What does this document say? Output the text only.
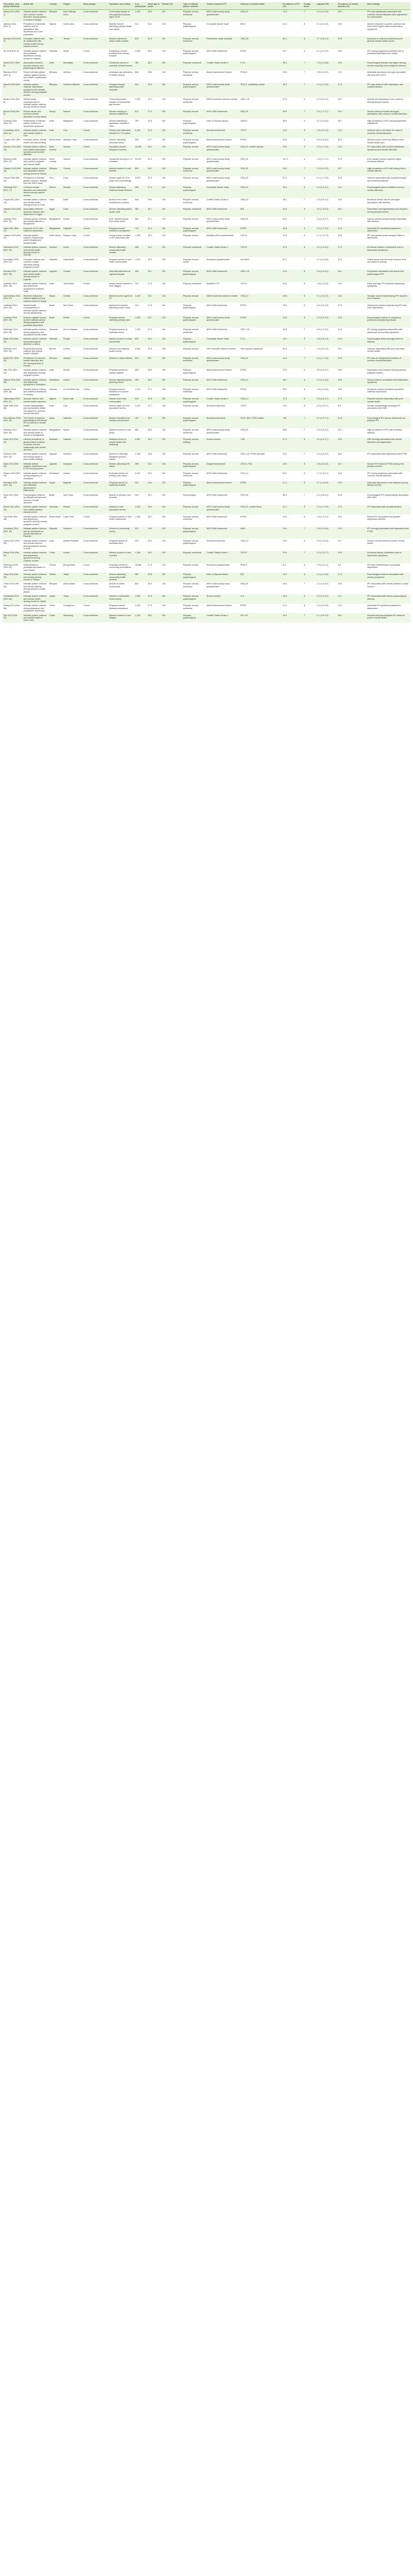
First author, year (study reference)	Article title	Country	Region	Study design	Population and setting	N of participants	Mean age in years	Female (%)	Type of intimate partner violence	Tools to measure IPV	Measure of mental health	Prevalence of IPV (%)	Quality score	Adjusted OR	Prevalence of mental disorder (%)	Main findings
Abeya 2012 (Ref. 1)	Intimate partner violence and common mental disorders among women in western Ethiopia	Ethiopia	East Wollega Zone	Cross-sectional	Community sample of ever-partnered women aged 15-49	1,094	28.6	100	Physical, sexual, emotional	WHO multi-country study questionnaire	SRQ-20	76.5	7	2.4 (1.6-3.5)	28.4	IPV was significantly associated with common mental disorders after adjustment for confounders.
Adeodu 2014 (Ref. 2)	Prevalence of domestic violence and its association with depression in a rural population	Nigeria	South-west	Cross-sectional	Married women attending primary health care clinics	412	31.2	100	Physical, psychological	Composite Abuse Scale	BDI-II	41.3	6	3.1 (2.0-4.8)	22.6	Women exposed to partner violence had three times higher odds of depressive symptoms.
Ahmadi 2015 (Ref. 3)	Domestic violence and its relationship with mental health among married women	Iran	Tehran	Cross-sectional	Women referred to urban health centres	520	32.5	100	Physical, sexual, emotional	Researcher-made checklist	GHQ-28	62.1	6	2.7 (1.8-4.1)	34.8	Exposure to violence predicted poorer general mental health scores.
Ali 2016 (Ref. 4)	Intimate partner violence and postnatal depression among women in Karachi	Pakistan	Sindh	Cohort	Postpartum women recruited from tertiary hospital	1,360	26.4	100	Physical, sexual, psychological	WHO VAW instrument	EPDS	44.7	8	2.1 (1.5-2.9)	28.9	IPV during pregnancy increased risk of postnatal depression at 6 weeks.
Anand 2017 (Ref. 5)	Association between spousal violence and psychological distress	India	Karnataka	Cross-sectional	Household survey of currently married women	780	30.1	100	Physical, emotional	Conflict Tactics Scale-2	K-10	36.4	7	1.9 (1.3-2.8)	19.5	Psychological distress was higher among women reporting recent physical violence.
Bacchus 2018 (Ref. 6)	Recent intimate partner violence against women and health: a systematic review	Ethiopia	Amhara	Cross-sectional	Antenatal care attendees in health centres	648	25.8	100	Physical, sexual, emotional	Abuse Assessment Screen	PHQ-9	32.6	7	2.8 (1.9-4.2)	24.1	Antenatal depression strongly associated with any form of IPV.
Bekele 2018 (Ref. 7)	Intimate partner violence, depressive symptoms and suicidal ideation among pregnant women	Ethiopia	Southern Nations	Cross-sectional	Pregnant women attending public hospitals	432	26.9	100	Physical, sexual, psychological	WHO multi-country study questionnaire	PHQ-9, suicidality module	35.2	7	3.4 (2.1-5.6)	21.3	IPV was linked to both depression and suicidal ideation.
Bhatta 2019 (Ref. 8)	Mental health consequences of intimate partner violence among women in Nepal	Nepal	Far-western	Cross-sectional	Community-based sample of reproductive-age women	1,020	29.4	100	Physical, sexual, emotional	NDHS domestic violence module	HSCL-25	27.8	6	2.2 (1.6-3.1)	18.7	Anxiety and depression more common among abused women.
Brown 2019 (Ref. 9)	Partner abuse and common mental disorders in urban slums	Kenya	Nairobi	Cross-sectional	Women residing in informal settlements	612	27.3	100	Physical, sexual	WHO VAW instrument	SRQ-20	39.5	7	2.5 (1.7-3.7)	26.4	Sexual violence showed strongest association with common mental disorders.
Chandra 2009 (Ref. 10)	Relationship of intimate partner violence to depressive symptoms	India	Bangalore	Cross-sectional	Women attending a psychiatric outpatient clinic	150	33.8	100	Physical, psychological	Index of Spouse Abuse	HAM-D	58.0	5	4.1 (2.0-8.4)	46.7	High prevalence of IPV among psychiatric outpatients.
Chowdhary 2010 (Ref. 11)	Intimate partner violence and mental health in Goa	India	Goa	Cohort	Primary care attendees followed for 12 months	2,494	31.5	100	Physical, sexual, emotional	Structured interview	CIS-R	20.3	8	1.8 (1.3-2.4)	14.2	Violence was a risk factor for onset of common mental disorders.
Cooper 2011 (Ref. 12)	Domestic abuse, mental health and help-seeking	South Africa	Western Cape	Cross-sectional	Women attending antenatal clinics	330	24.7	100	Physical, sexual, psychological	Abuse Assessment Screen	EPDS	34.8	6	2.6 (1.5-4.4)	32.4	Abused women were less likely to seek mental health care.
Devries 2013 (Ref. 13)	Intimate partner violence and incident depressive symptoms and suicide attempts	Multi-country	Various	Cohort	Population-based samples of women	16,259	30.0	100	Physical, sexual	WHO multi-country study questionnaire	SRQ-20, suicide attempt	24.0	9	2.0 (1.7-2.4)	18.2	IPV associated with incident depressive symptoms and suicide attempts.
Ellsberg 2008 (Ref. 14)	Intimate partner violence and women's physical and mental health	Multi-country	Various	Cross-sectional	Household surveys in 10 countries	24,097	31.2	100	Physical, sexual	WHO multi-country study questionnaire	SRQ-20	15-71	8	1.9 (1.7-2.1)	22.0	Ever-abused women reported higher emotional distress.
Fekadu 2018 (Ref. 15)	Intimate partner violence and associated factors among women in Jimma	Ethiopia	Oromia	Cross-sectional	Married women in rural kebeles	690	28.1	100	Physical, sexual, emotional	WHO multi-country study questionnaire	SRQ-20	59.0	7	2.3 (1.6-3.3)	25.7	High prevalence of IPV with strong link to mental distress.
Garcia 2006 (Ref. 16)	Prevalence of intimate partner violence: findings from the WHO study	Peru	Lima	Cross-sectional	Women aged 15-49 in urban and rural settings	3,020	31.9	100	Physical, sexual	WHO multi-country study questionnaire	SRQ-20	51.0	8	2.1 (1.7-2.6)	20.6	Violence associated with suicidal thoughts and emotional distress.
Gebrezgi 2017 (Ref. 17)	Common mental disorders and associated factors among married women	Eritrea	Asmara	Cross-sectional	Women attending maternal health services	408	27.6	100	Physical, psychological	Composite Abuse Scale	SRQ-20	30.4	6	2.4 (1.4-4.1)	19.1	Psychological abuse predicted common mental disorders.
Gupta 2012 (Ref. 18)	Intimate partner violence and mental health among women in Delhi	India	Delhi	Cross-sectional	Women from urban resettlement colonies	546	29.8	100	Physical, sexual, emotional	Conflict Tactics Scale-2	GHQ-12	45.2	7	2.9 (2.0-4.3)	30.5	Emotional abuse had the strongest association with distress.
Hassan 2014 (Ref. 19)	Association between domestic violence and depression in Egypt	Egypt	Cairo	Cross-sectional	Women attending family health units	380	30.7	100	Physical, emotional	WHO VAW instrument	BDI	53.4	6	3.2 (1.9-5.3)	38.2	Depression was significantly more frequent among abused women.
Hossain 2015 (Ref. 20)	Intimate partner violence and mental distress in Bangladesh	Bangladesh	Dhaka	Cross-sectional	Ever-married women from urban slums	960	27.1	100	Physical, sexual	WHO multi-country study questionnaire	SRQ-20	53.3	7	2.0 (1.5-2.7)	27.3	Sexual coercion independently associated with distress.
Islam 2017 (Ref. 21)	Exposure to IPV and maternal depression	Bangladesh	Rajshahi	Cohort	Pregnant women followed to postpartum	720	24.3	100	Physical, sexual, psychological	WHO VAW instrument	EPDS	49.6	8	2.3 (1.7-3.2)	22.9	Antenatal IPV predicted postpartum depression.
Jewkes 2010 (Ref. 22)	Intimate partner violence, relationship power inequity and mental health	South Africa	Eastern Cape	Cohort	Young women enrolled in HIV prevention trial	1,295	18.4	100	Physical, sexual	Modified WHO questionnaire	CES-D	31.5	8	1.7 (1.3-2.3)	20.8	IPV and gender power inequity linked to depression.
Kamimura 2016 (Ref. 23)	Intimate partner violence and mental health among women in Vietnam	Vietnam	Hanoi	Cross-sectional	Women attending community health centres	498	34.2	100	Physical, emotional	Conflict Tactics Scale-2	CES-D	37.8	6	2.2 (1.4-3.4)	17.9	Emotional violence contributed most to depressive symptoms.
Karmaliani 2009 (Ref. 24)	Domestic violence and common mental disorders among pregnant women	Pakistan	Hyderabad	Cross-sectional	Pregnant women in peri-urban communities	1,324	25.9	100	Physical, sexual, verbal	Structured questionnaire	AKUADS	51.0	7	2.7 (2.0-3.6)	32.3	Verbal abuse was the most common form and linked to anxiety.
Kiwuwa 2013 (Ref. 25)	Intimate partner violence and mental health among women in Uganda	Uganda	Central	Cross-sectional	Antenatal attendees at regional hospital	356	25.1	100	Physical, sexual, psychological	WHO VAW instrument	HSCL-25	41.0	6	2.5 (1.5-4.2)	26.1	Depression associated with sexual and psychological IPV.
Krishnan 2012 (Ref. 26)	Intimate partner violence and depressive symptoms in southern India	India	Tamil Nadu	Cohort	Newly married women in rural villages	744	21.6	100	Physical, emotional	Modified CTS	CES-D	33.0	8	1.8 (1.3-2.5)	16.4	Early marriage IPV predicted depressive symptoms.
Lamichhane 2011 (Ref. 27)	Women's status and violence against young married women in Nepal	Nepal	Central	Cross-sectional	Married women aged 15-24	1,240	20.2	100	Physical, sexual	NDHS domestic violence module	GHQ-12	25.8	6	2.1 (1.5-2.9)	15.3	Younger women experiencing IPV reported more distress.
Lindhorst 2012 (Ref. 28)	Mental health consequences of intimate partner violence among adolescents	Brazil	Sao Paulo	Cross-sectional	Adolescent mothers attending public clinics	412	17.8	100	Physical, psychological	WHO VAW instrument	EPDS	29.6	6	2.6 (1.5-4.5)	27.5	Adolescent mothers experiencing IPV had more depression.
Ludermir 2010 (Ref. 29)	Violence against women by their intimate partner during pregnancy and postnatal depression	Brazil	Recife	Cohort	Pregnant women attending primary care	1,045	25.7	100	Physical, sexual, psychological	WHO multi-country study questionnaire	EPDS	31.6	8	2.3 (1.6-3.3)	26.5	Psychological violence in pregnancy predicted postnatal depression.
Mahenge 2013 (Ref. 30)	Intimate partner violence during pregnancy and associated mental health	Tanzania	Dar es Salaam	Cross-sectional	Pregnant women at antenatal clinics	1,180	27.0	100	Physical, sexual, emotional	WHO VAW instrument	HSCL-25	34.8	7	2.6 (1.9-3.6)	21.4	IPV during pregnancy associated with depressive and anxiety symptoms.
Malik 2018 (Ref. 31)	Intimate partner violence and psychological distress in Lahore	Pakistan	Punjab	Cross-sectional	Married women in urban households	520	30.4	100	Physical, psychological	Composite Abuse Scale	K-10	43.1	6	2.8 (1.8-4.3)	29.4	Psychological abuse strongly linked to distress.
Meekers 2013 (Ref. 32)	Physical and sexual violence and mental health in Bolivia	Bolivia	La Paz	Cross-sectional	Women from national health survey	2,960	31.6	100	Physical, sexual	DHS domestic violence module	Self-reported symptoms	52.3	7	1.9 (1.6-2.3)	23.1	Violence associated with poor self-rated mental health.
Mulat 2017 (Ref. 33)	Prevalence of common mental disorders and IPV among women in Gondar	Ethiopia	Amhara	Cross-sectional	Women in urban kebeles	822	29.7	100	Physical, sexual, emotional	WHO multi-country study questionnaire	SRQ-20	44.2	7	2.4 (1.7-3.4)	22.9	IPV was an independent predictor of common mental disorders.
Nair 2014 (Ref. 34)	Intimate partner violence and depression among pregnant women	India	Kerala	Cross-sectional	Pregnant women at tertiary hospital	300	26.3	100	Physical, psychological	Abuse Assessment Screen	EPDS	22.0	6	3.0 (1.6-5.7)	18.3	Depression more frequent among abused pregnant women.
Ndlovu 2016 (Ref. 35)	Intimate partner violence and depressive symptoms in Zimbabwe	Zimbabwe	Harare	Cross-sectional	Women attending family planning clinics	450	28.2	100	Physical, sexual	WHO VAW instrument	SSQ-14	38.7	6	2.2 (1.4-3.5)	25.6	Sexual violence associated with depressive symptoms.
Nguyen 2014 (Ref. 36)	Intimate partner violence and maternal depression in Vietnam	Vietnam	Ho Chi Minh City	Cohort	Pregnant women followed to 6 months postpartum	1,274	27.4	100	Physical, sexual, emotional	WHO VAW instrument	EPDS	35.2	8	1.9 (1.4-2.6)	19.8	Emotional violence predicted persistent maternal depression.
Ogbonnaya 2015 (Ref. 37)	Spousal violence and mental health outcomes	Nigeria	South-east	Cross-sectional	Women from rural communities	640	32.8	100	Physical, sexual, psychological	Conflict Tactics Scale-2	GHQ-12	47.5	6	2.6 (1.8-3.7)	27.0	Physical violence associated with poor mental health.
Patel 2006 (Ref. 38)	Gender disadvantage and reproductive health risk factors for common mental disorders	India	Goa	Cross-sectional	Women aged 18-45 in population survey	2,494	31.7	100	Physical, sexual	Structured interview	CIS-R	12.0	8	2.0 (1.5-2.7)	6.6	Gender disadvantage including IPV associated with CMD.
Pico-Alfonso 2006 (Ref. 39)	The impact of physical, psychological and sexual IPV on women's mental health	Spain	Valencia	Cross-sectional	Women recruited from shelters and services	182	36.9	100	Physical, sexual, psychological	Structured interview	SCID, BDI, PTSD scales	100	7	3.7 (1.9-7.1)	61.5	Psychological IPV was as detrimental as physical IPV.
Rahman 2012 (Ref. 40)	Intimate partner violence and mental health of women in Bangladesh	Bangladesh	Sylhet	Cross-sectional	Married women in rural areas	880	28.9	100	Physical, sexual, emotional	WHO multi-country study questionnaire	SRQ-20	58.6	7	2.5 (1.8-3.4)	30.1	High prevalence of IPV with elevated distress.
Rees 2011 (Ref. 41)	Lifetime prevalence of gender-based violence in women and the relationship with mental disorders	Australia	National	Cross-sectional	National survey of mental health and wellbeing	4,451	42.0	100	Physical, sexual, stalking	Survey module	CIDI	27.0	8	3.1 (2.6-3.7)	19.5	GBV strongly associated with mental disorders and dysfunction.
Roberts 2016 (Ref. 42)	Intimate partner violence and mental health in post-conflict settings	Uganda	Northern	Cross-sectional	Women in internally displaced persons camps	1,206	30.5	100	Physical, sexual	WHO VAW instrument	HSCL-25, PTSD checklist	49.2	7	2.4 (1.8-3.2)	36.4	IPV associated with depression and PTSD.
Sabri 2013 (Ref. 43)	Intimate partner violence, depression and PTSD among women	Uganda	Kampala	Cross-sectional	Women attending HIV clinics	398	32.1	100	Physical, sexual, psychological	Danger Assessment	CES-D, PCL	40.5	6	2.8 (1.6-4.8)	33.7	Severe IPV linked to PTSD among HIV-positive women.
Shamu 2013 (Ref. 44)	Intimate partner violence during pregnancy in Zimbabwe	Zimbabwe	Harare	Cross-sectional	Postnatal women at primary care clinics	2,042	25.2	100	Physical, sexual, emotional	WHO VAW instrument	SSQ-14	63.1	8	1.7 (1.4-2.1)	23.0	IPV during pregnancy associated with common mental disorders.
Shrestha 2016 (Ref. 45)	Intimate partner violence and antenatal depression in Kathmandu	Nepal	Bagmati	Cross-sectional	Pregnant women at maternity hospital	322	24.6	100	Physical, psychological	Abuse Assessment Screen	EPDS	21.4	6	2.7 (1.4-5.3)	15.5	Antenatal depression more frequent among abused women.
Silva 2012 (Ref. 46)	Psychological violence by intimate partners and common mental disorders	Brazil	Sao Paulo	Cross-sectional	Women in primary care services	940	34.1	100	Psychological	WHO VAW instrument	SRQ-20	55.4	7	2.4 (1.8-3.2)	34.6	Psychological IPV independently associated with CMD.
Stockl 2012 (Ref. 47)	Intimate partner violence and suicidal ideation among women	Tanzania	Mbeya	Cross-sectional	Women in rural population survey	1,442	29.9	100	Physical, sexual	WHO multi-country study questionnaire	SRQ-20, suicide items	41.7	8	2.2 (1.7-2.9)	17.6	IPV associated with suicidal ideation.
Tsai 2016 (Ref. 48)	Intimate partner violence and depression symptom severity among pregnant women	South Africa	Cape Town	Cohort	Pregnant women in peri-urban settlements	1,238	26.2	100	Physical, sexual, emotional	WHO VAW instrument	EPDS	29.5	8	1.8 (1.3-2.4)	34.2	Recent IPV associated with greater depression severity.
Umubyeyi 2014 (Ref. 49)	Intimate partner violence and its contribution to mental disorders in Rwanda	Rwanda	Southern	Cross-sectional	Women in community survey	921	33.6	100	Physical, sexual, psychological	WHO VAW instrument	MINI	35.0	7	2.6 (1.9-3.6)	24.3	IPV strongly associated with depression and PTSD.
Varma 2007 (Ref. 50)	Intimate partner violence and sexual coercion among pregnant women in India	India	Andhra Pradesh	Cross-sectional	Pregnant women at antenatal clinic	203	22.9	100	Physical, sexual, psychological	Structured interview	GHQ-12	18.5	6	2.9 (1.3-6.5)	22.7	Sexual coercion linked to poorer mental health.
Wang 2015 (Ref. 51)	Intimate partner violence and depressive symptoms among Chinese women	China	Hunan	Cross-sectional	Married women in rural counties	1,136	35.4	100	Physical, emotional	Conflict Tactics Scale-2	CES-D	32.9	7	2.0 (1.5-2.7)	19.6	Emotional abuse contributed most to depressive symptoms.
Weobong 2015 (Ref. 52)	Determinants of postnatal depression in rural Ghana	Ghana	Brong Ahafo	Cohort	Postnatal women in community surveillance	16,560	27.8	100	Physical, sexual	Structured questionnaire	PHQ-9	8.4	8	1.9 (1.5-2.4)	3.8	IPV was a determinant of postnatal depression.
Yang 2016 (Ref. 53)	Intimate partner violence and anxiety among women in Taiwan	Taiwan	Taipei	Cross-sectional	Women attending community health services	480	39.8	100	Physical, psychological	Index of Spouse Abuse	BAI	26.2	6	2.3 (1.4-3.8)	21.0	Psychological violence associated with anxiety symptoms.
Yimer 2014 (Ref. 54)	Intimate partner violence and mental distress among women in Addis Ababa	Ethiopia	Addis Ababa	Cross-sectional	Women in urban households	850	30.9	100	Physical, sexual, emotional	WHO multi-country study questionnaire	SRQ-20	45.0	7	2.2 (1.6-3.0)	20.5	IPV associated with mental distress in urban women.
Yoshikawa 2014 (Ref. 55)	Intimate partner violence and mental health among women in Japan	Japan	Tokyo	Cross-sectional	Women in nationwide online survey	1,830	41.6	100	Physical, sexual, psychological	Survey module	K-6	18.9	6	2.5 (1.9-3.3)	14.7	IPV associated with serious psychological distress.
Zhang 2012 (Ref. 56)	Intimate partner violence during pregnancy and postpartum depression	China	Guangzhou	Cohort	Pregnant women followed postpartum	1,018	27.5	100	Physical, sexual, emotional	Abuse Assessment Screen	EPDS	11.9	8	2.4 (1.6-3.6)	13.3	Antenatal IPV predicted postpartum depression.
Zhu 2012 (Ref. 57)	Intimate partner violence and mental health in rural China	China	Shandong	Cross-sectional	Married women in rural villages	1,105	38.2	100	Physical, psychological	Conflict Tactics Scale-2	SCL-90	29.4	7	2.1 (1.5-2.9)	18.1	Physical and psychological IPV linked to poorer mental health.
